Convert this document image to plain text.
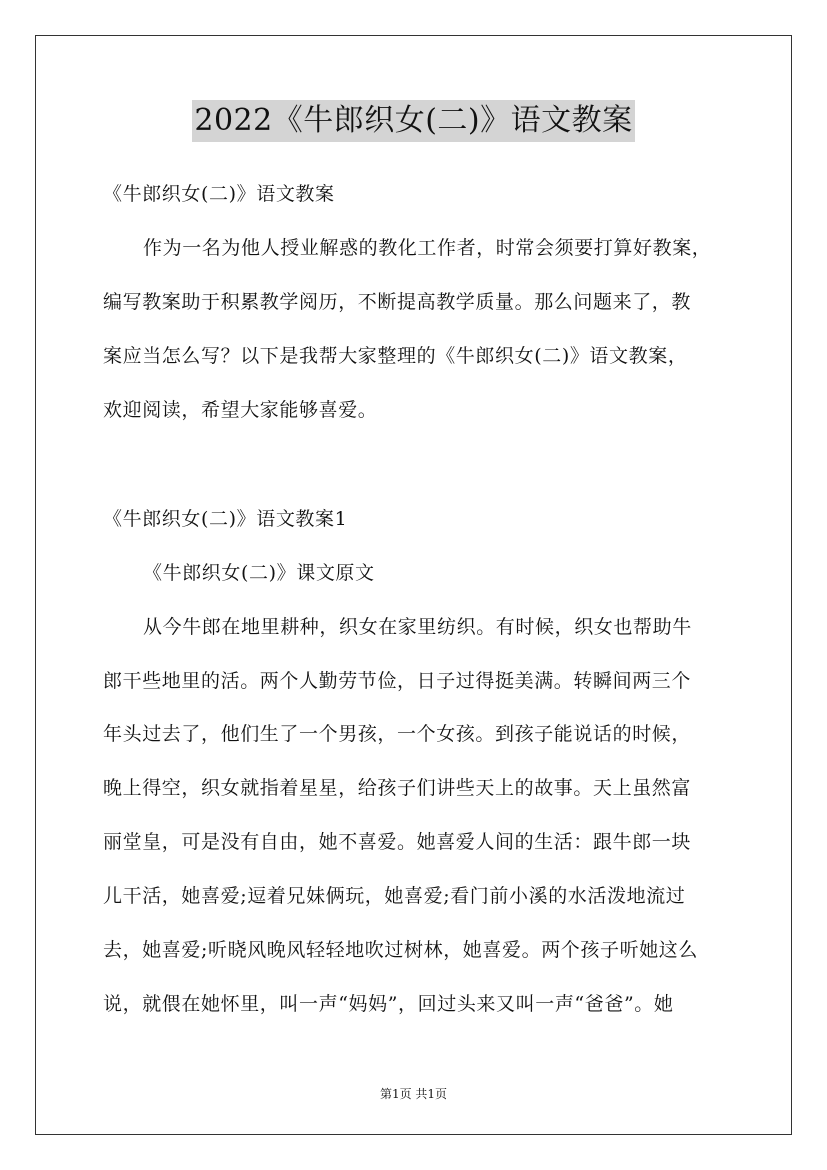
2022《牛郎织女(二)》语文教案
《牛郎织女(二)》语文教案
作为一名为他人授业解惑的教化工作者，时常会须要打算好教案，
编写教案助于积累教学阅历，不断提高教学质量。那么问题来了，教
案应当怎么写？以下是我帮大家整理的《牛郎织女(二)》语文教案，
欢迎阅读，希望大家能够喜爱。
《牛郎织女(二)》语文教案1
《牛郎织女(二)》课文原文
从今牛郎在地里耕种，织女在家里纺织。有时候，织女也帮助牛
郎干些地里的活。两个人勤劳节俭，日子过得挺美满。转瞬间两三个
年头过去了，他们生了一个男孩，一个女孩。到孩子能说话的时候，
晚上得空，织女就指着星星，给孩子们讲些天上的故事。天上虽然富
丽堂皇，可是没有自由，她不喜爱。她喜爱人间的生活：跟牛郎一块
儿干活，她喜爱;逗着兄妹俩玩，她喜爱;看门前小溪的水活泼地流过
去，她喜爱;听晓风晚风轻轻地吹过树林，她喜爱。两个孩子听她这么
说，就偎在她怀里，叫一声“妈妈”，回过头来又叫一声“爸爸”。她
第1页 共1页
